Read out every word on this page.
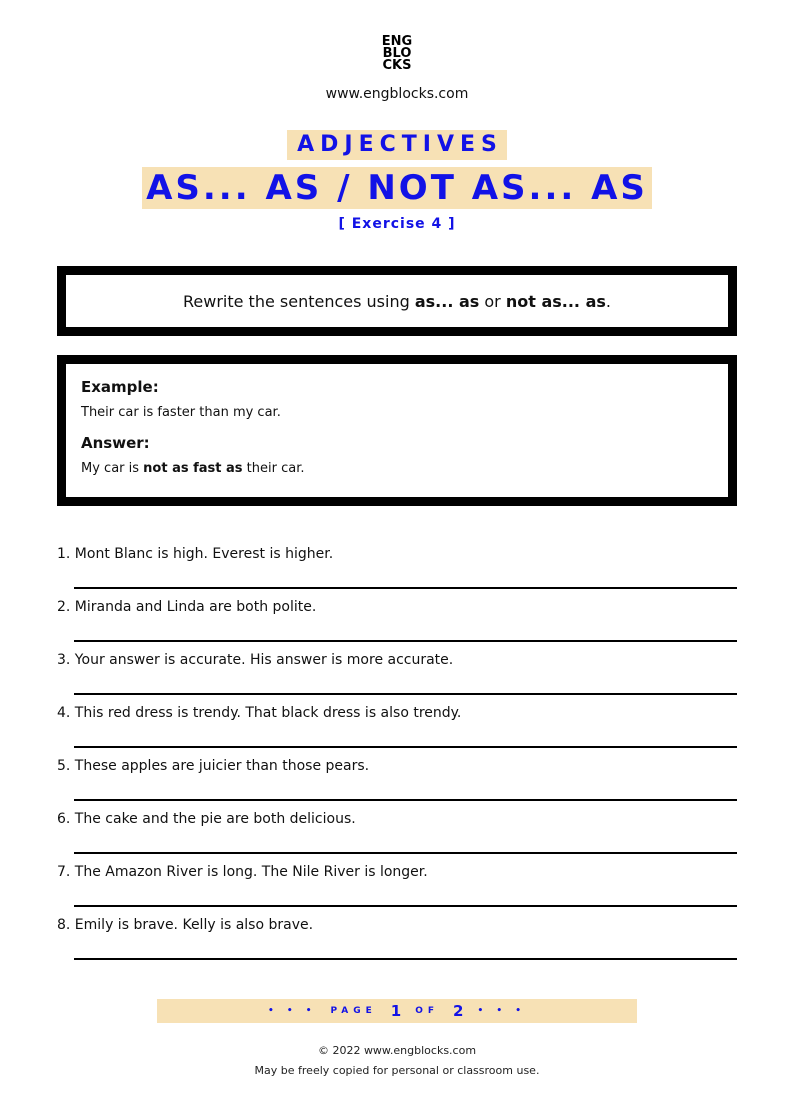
ENG
BLO
CKS
www.engblocks.com
ADJECTIVES
AS... AS / NOT AS... AS
[ Exercise 4 ]
Rewrite the sentences using as... as or not as... as.

Example:

Their car is faster than my car.

Answer:

My car is not as fast as their car.

1. Mont Blanc is high. Everest is higher.
2. Miranda and Linda are both polite.
3. Your answer is accurate. His answer is more accurate.
4. This red dress is trendy. That black dress is also trendy.
5. These apples are juicier than those pears.
6. The cake and the pie are both delicious.
7. The Amazon River is long. The Nile River is longer.
8. Emily is brave. Kelly is also brave.
• • • PAGE 1 OF 2 • • •
© 2022 www.engblocks.com
May be freely copied for personal or classroom use.
